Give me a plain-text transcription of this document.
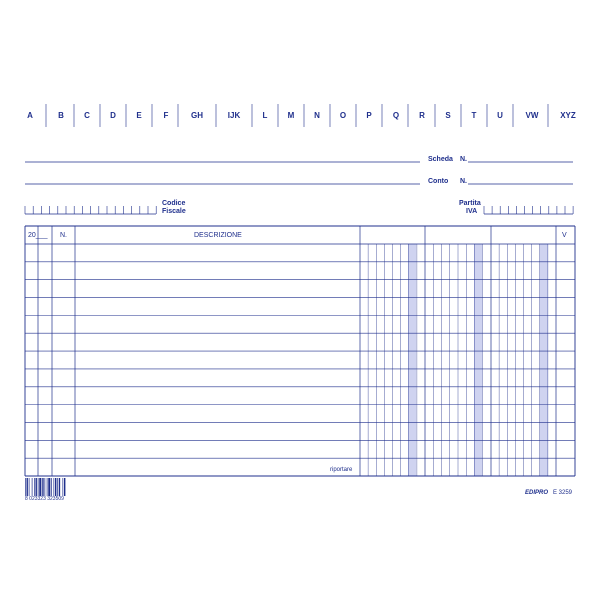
A	B	C	D	E	F	GH	IJK	L	M N O	P	Q R	S	T	U	VW	XYZ
Scheda N.
Conto N.
Codice
Fiscale
Partita
IVA
20___ N.	DESCRIZIONE	V
riportare
8 023323 323509
EDIPRO E 3259
